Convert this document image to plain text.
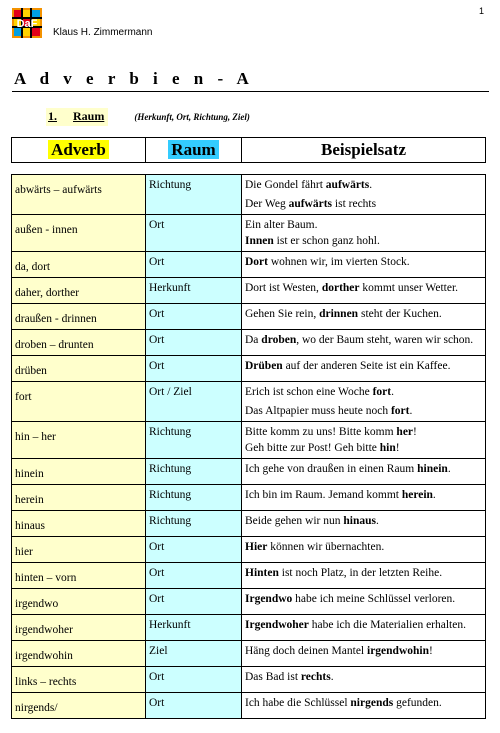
1
DaF
Klaus H. Zimmermann
A d v e r b i e n - A
1. Raum	(Herkunft, Ort, Richtung, Ziel)
Adverb	Raum	Beispielsatz
abwärts – aufwärts	Richtung	Die Gondel fährt aufwärts.
Der Weg aufwärts ist rechts

außen - innen	Ort	Ein alter Baum.
Innen ist er schon ganz hohl.

da, dort	Ort	Dort wohnen wir, im vierten Stock.

daher, dorther	Herkunft	Dort ist Westen, dorther kommt unser Wetter.

draußen - drinnen	Ort	Gehen Sie rein, drinnen steht der Kuchen.

droben – drunten	Ort	Da droben, wo der Baum steht, waren wir schon.

drüben	Ort	Drüben auf der anderen Seite ist ein Kaffee.

fort	Ort / Ziel	Erich ist schon eine Woche fort.
Das Altpapier muss heute noch fort.

hin – her	Richtung	Bitte komm zu uns! Bitte komm her!
Geh bitte zur Post! Geh bitte hin!

hinein	Richtung	Ich gehe von draußen in einen Raum hinein.

herein	Richtung	Ich bin im Raum. Jemand kommt herein.

hinaus	Richtung	Beide gehen wir nun hinaus.

hier	Ort	Hier können wir übernachten.

hinten – vorn	Ort	Hinten ist noch Platz, in der letzten Reihe.

irgendwo	Ort	Irgendwo habe ich meine Schlüssel verloren.

irgendwoher	Herkunft	Irgendwoher habe ich die Materialien erhalten.

irgendwohin	Ziel	Häng doch deinen Mantel irgendwohin!

links – rechts	Ort	Das Bad ist rechts.

nirgends/	Ort	Ich habe die Schlüssel nirgends gefunden.
